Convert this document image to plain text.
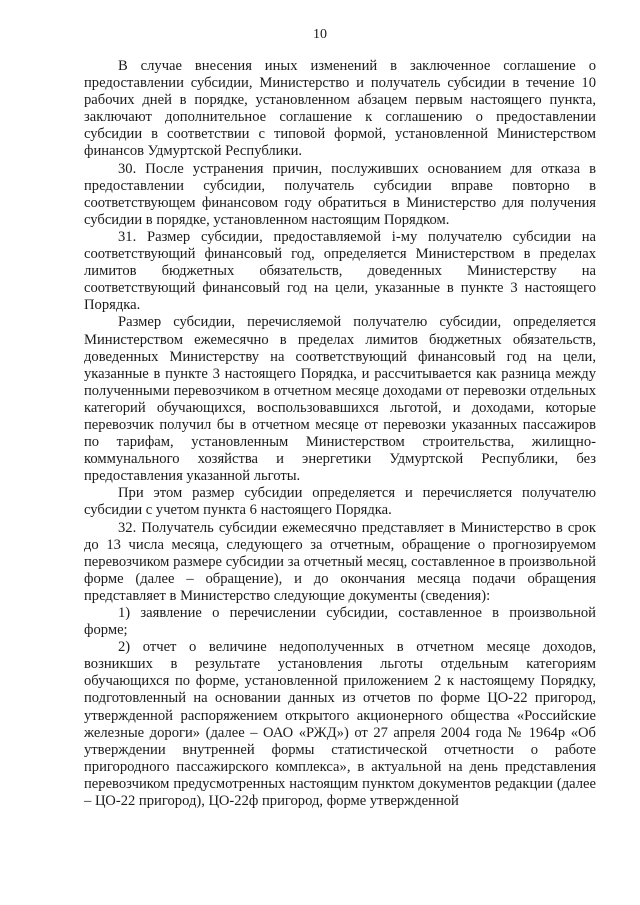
10

В случае внесения иных изменений в заключенное соглашение о предоставлении субсидии, Министерство и получатель субсидии в течение 10 рабочих дней в порядке, установленном абзацем первым настоящего пункта, заключают дополнительное соглашение к соглашению о предоставлении субсидии в соответствии с типовой формой, установленной Министерством финансов Удмуртской Республики.

30. После устранения причин, послуживших основанием для отказа в предоставлении субсидии, получатель субсидии вправе повторно в соответствующем финансовом году обратиться в Министерство для получения субсидии в порядке, установленном настоящим Порядком.

31. Размер субсидии, предоставляемой i-му получателю субсидии на соответствующий финансовый год, определяется Министерством в пределах лимитов бюджетных обязательств, доведенных Министерству на соответствующий финансовый год на цели, указанные в пункте 3 настоящего Порядка.

Размер субсидии, перечисляемой получателю субсидии, определяется Министерством ежемесячно в пределах лимитов бюджетных обязательств, доведенных Министерству на соответствующий финансовый год на цели, указанные в пункте 3 настоящего Порядка, и рассчитывается как разница между полученными перевозчиком в отчетном месяце доходами от перевозки отдельных категорий обучающихся, воспользовавшихся льготой, и доходами, которые перевозчик получил бы в отчетном месяце от перевозки указанных пассажиров по тарифам, установленным Министерством строительства, жилищно-коммунального хозяйства и энергетики Удмуртской Республики, без предоставления указанной льготы.

При этом размер субсидии определяется и перечисляется получателю субсидии с учетом пункта 6 настоящего Порядка.

32. Получатель субсидии ежемесячно представляет в Министерство в срок до 13 числа месяца, следующего за отчетным, обращение о прогнозируемом перевозчиком размере субсидии за отчетный месяц, составленное в произвольной форме (далее – обращение), и до окончания месяца подачи обращения представляет в Министерство следующие документы (сведения):

1) заявление о перечислении субсидии, составленное в произвольной форме;

2) отчет о величине недополученных в отчетном месяце доходов, возникших в результате установления льготы отдельным категориям обучающихся по форме, установленной приложением 2 к настоящему Порядку, подготовленный на основании данных из отчетов по форме ЦО-22 пригород, утвержденной распоряжением открытого акционерного общества «Российские железные дороги» (далее – ОАО «РЖД») от 27 апреля 2004 года № 1964р «Об утверждении внутренней формы статистической отчетности о работе пригородного пассажирского комплекса», в актуальной на день представления перевозчиком предусмотренных настоящим пунктом документов редакции (далее – ЦО-22 пригород), ЦО-22ф пригород, форме утвержденной
